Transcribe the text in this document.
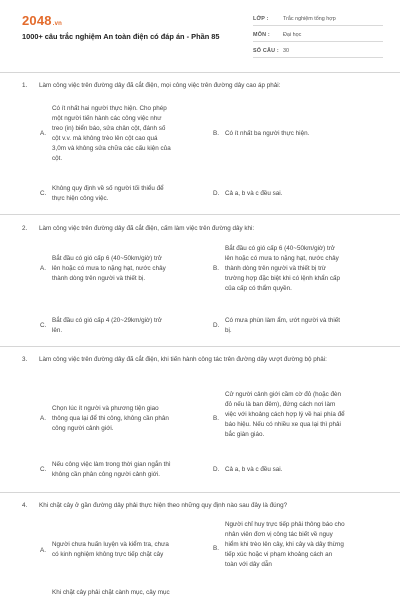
2048.vn
1000+ câu trắc nghiệm An toàn điện có đáp án - Phần 85
LỚP :	Trắc nghiệm tổng hợp
MÔN : Đại học
SỐ CÂU : 30
1. Làm công việc trên đường dây đã cắt điện, mọi công việc trên đường dây cao áp phải:
A.
Có ít nhất hai người thực hiện. Cho phép
một người tiến hành các công việc như
treo (in) biển báo, sửa chân cột, đánh số
cột v.v. mà không trèo lên cột cao quá
3,0m và không sửa chữa các cấu kiện của
cột.
B. Có ít nhất ba người thực hiện.
C.
Không quy định về số người tối thiểu để
thực hiện công việc.
D. Cả a, b và c đều sai.
2. Làm công việc trên đường dây đã cắt điện, cấm làm việc trên đường dây khi:
A.
Bắt đầu có gió cấp 6 (40~50km/giờ) trở
lên hoặc có mưa to nặng hạt, nước chảy
thành dòng trên người và thiết bị.
B.
Bắt đầu có gió cấp 6 (40~50km/giờ) trở
lên hoặc có mưa to nặng hạt, nước chảy
thành dòng trên người và thiết bị trừ
trường hợp đặc biệt khi có lệnh khẩn cấp
của cấp có thẩm quyền.
C.
Bắt đầu có gió cấp 4 (20~29km/giờ) trở
lên.
D.
Có mưa phùn làm ẩm, ướt người và thiết
bị.
3. Làm công việc trên đường dây đã cắt điện, khi tiến hành công tác trên đường dây vượt đường bộ phải:
A.
Chọn lúc ít người và phương tiện giao
thông qua lại để thi công, không cần phân
công người cảnh giới.
B.
Cử người cảnh giới cầm cờ đỏ (hoặc đèn
đỏ nếu là ban đêm), đứng cách nơi làm
việc với khoảng cách hợp lý về hai phía để
báo hiệu. Nếu có nhiều xe qua lại thì phải
bắc giàn giáo.
C.
Nếu công việc làm trong thời gian ngắn thì
không cần phân công người cảnh giới.
D. Cả a, b và c đều sai.
4. Khi chặt cây ở gần đường dây phải thực hiện theo những quy định nào sau đây là đúng?
A.
Người chưa huấn luyện và kiểm tra, chưa
có kinh nghiệm không trực tiếp chặt cây
B.
Người chỉ huy trực tiếp phải thông báo cho
nhân viên đơn vị công tác biết về nguy
hiểm khi trèo lên cây, khi cây và dây thừng
tiếp xúc hoặc vi phạm khoảng cách an
toàn với dây dẫn
Khi chặt cây phải chặt cành mục, cây mục
